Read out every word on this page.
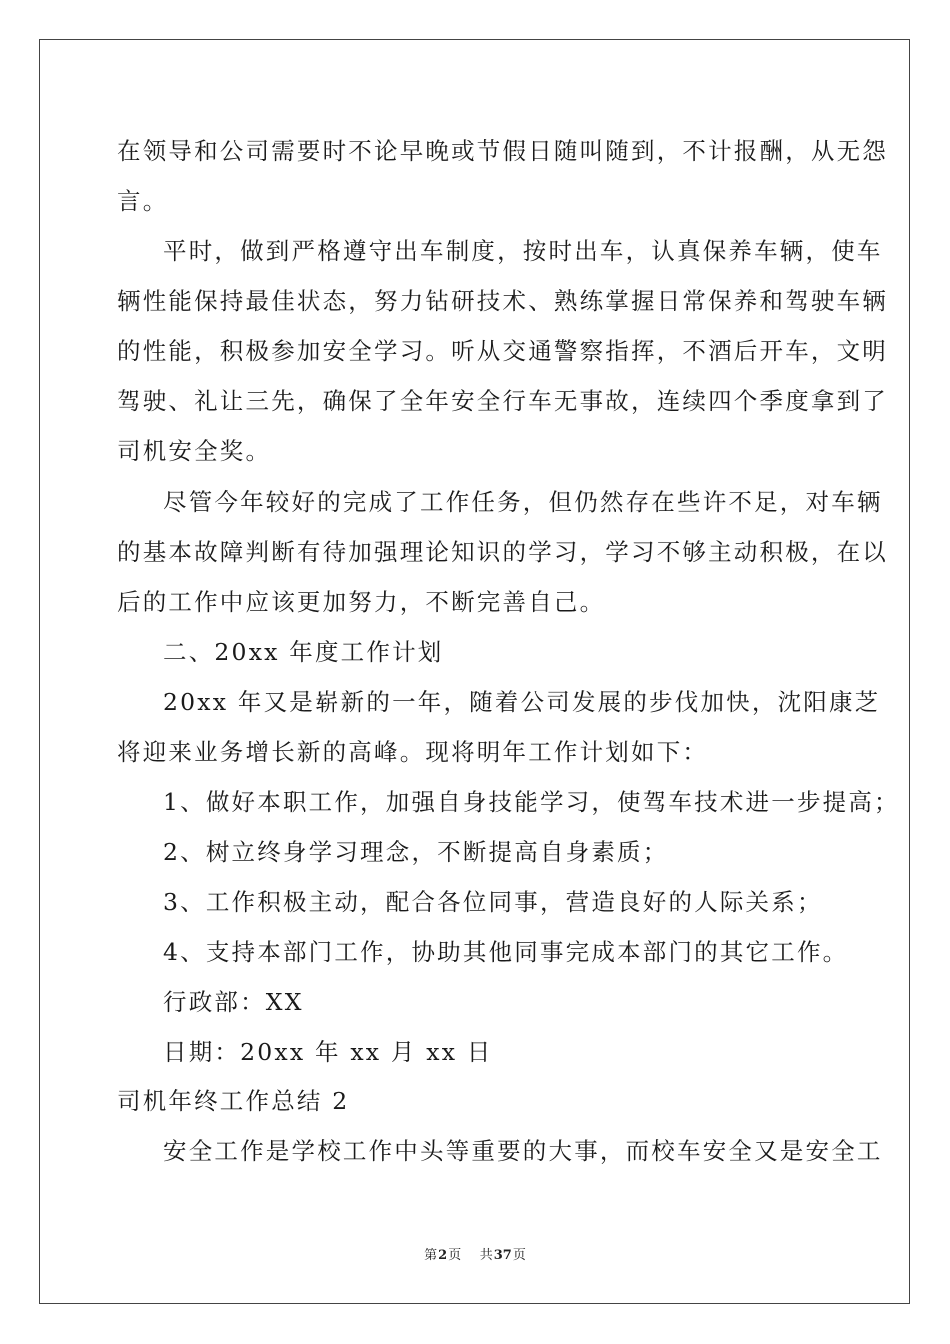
在领导和公司需要时不论早晚或节假日随叫随到，不计报酬，从无怨
言。
平时，做到严格遵守出车制度，按时出车，认真保养车辆，使车
辆性能保持最佳状态，努力钻研技术、熟练掌握日常保养和驾驶车辆
的性能，积极参加安全学习。听从交通警察指挥，不酒后开车，文明
驾驶、礼让三先，确保了全年安全行车无事故，连续四个季度拿到了
司机安全奖。
尽管今年较好的完成了工作任务，但仍然存在些许不足，对车辆
的基本故障判断有待加强理论知识的学习，学习不够主动积极，在以
后的工作中应该更加努力，不断完善自己。
二、20xx 年度工作计划
20xx 年又是崭新的一年，随着公司发展的步伐加快，沈阳康芝
将迎来业务增长新的高峰。现将明年工作计划如下：
1、做好本职工作，加强自身技能学习，使驾车技术进一步提高；
2、树立终身学习理念，不断提高自身素质；
3、工作积极主动，配合各位同事，营造良好的人际关系；
4、支持本部门工作，协助其他同事完成本部门的其它工作。
行政部：XX
日期：20xx 年 xx 月 xx 日
司机年终工作总结 2
安全工作是学校工作中头等重要的大事，而校车安全又是安全工
第2页 共37页
